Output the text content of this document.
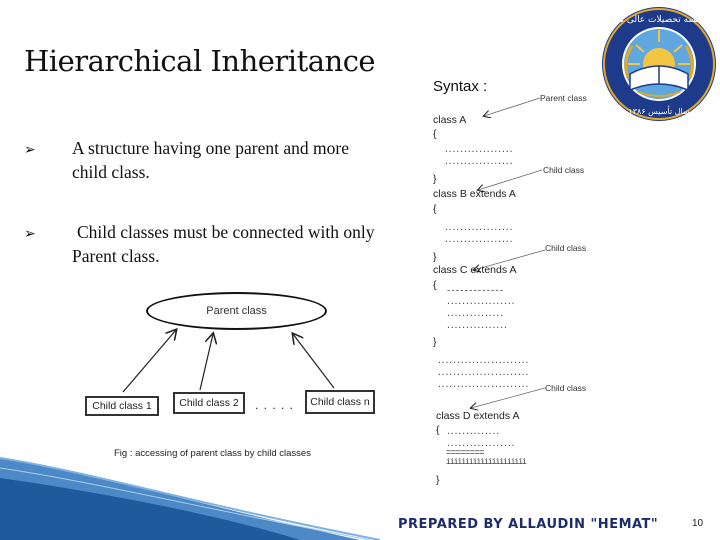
موسسه تحصیلات عالی میوند
سال تأسیس ۱۳۸۶
Hierarchical Inheritance
➢	A structure having one parent and more
child class.
➢	Child classes must be connected with only
Parent class.
Parent class
Child class 1	Child class 2 . . . . . Child class n
Fig : accessing of parent class by child classes
Syntax :
class A
{
..................
..................
}
class B extends A
{
..................
..................
}
class C extends A
{ -------------
..................
...............
................
}
........................
........................
........................
class D extends A
{ ..............
..................
========
iiiiiiiiiiiiiiiiiiiii
}
Parent class
Child class
Child class
Child class
PREPARED BY ALLAUDIN "HEMAT"	10
